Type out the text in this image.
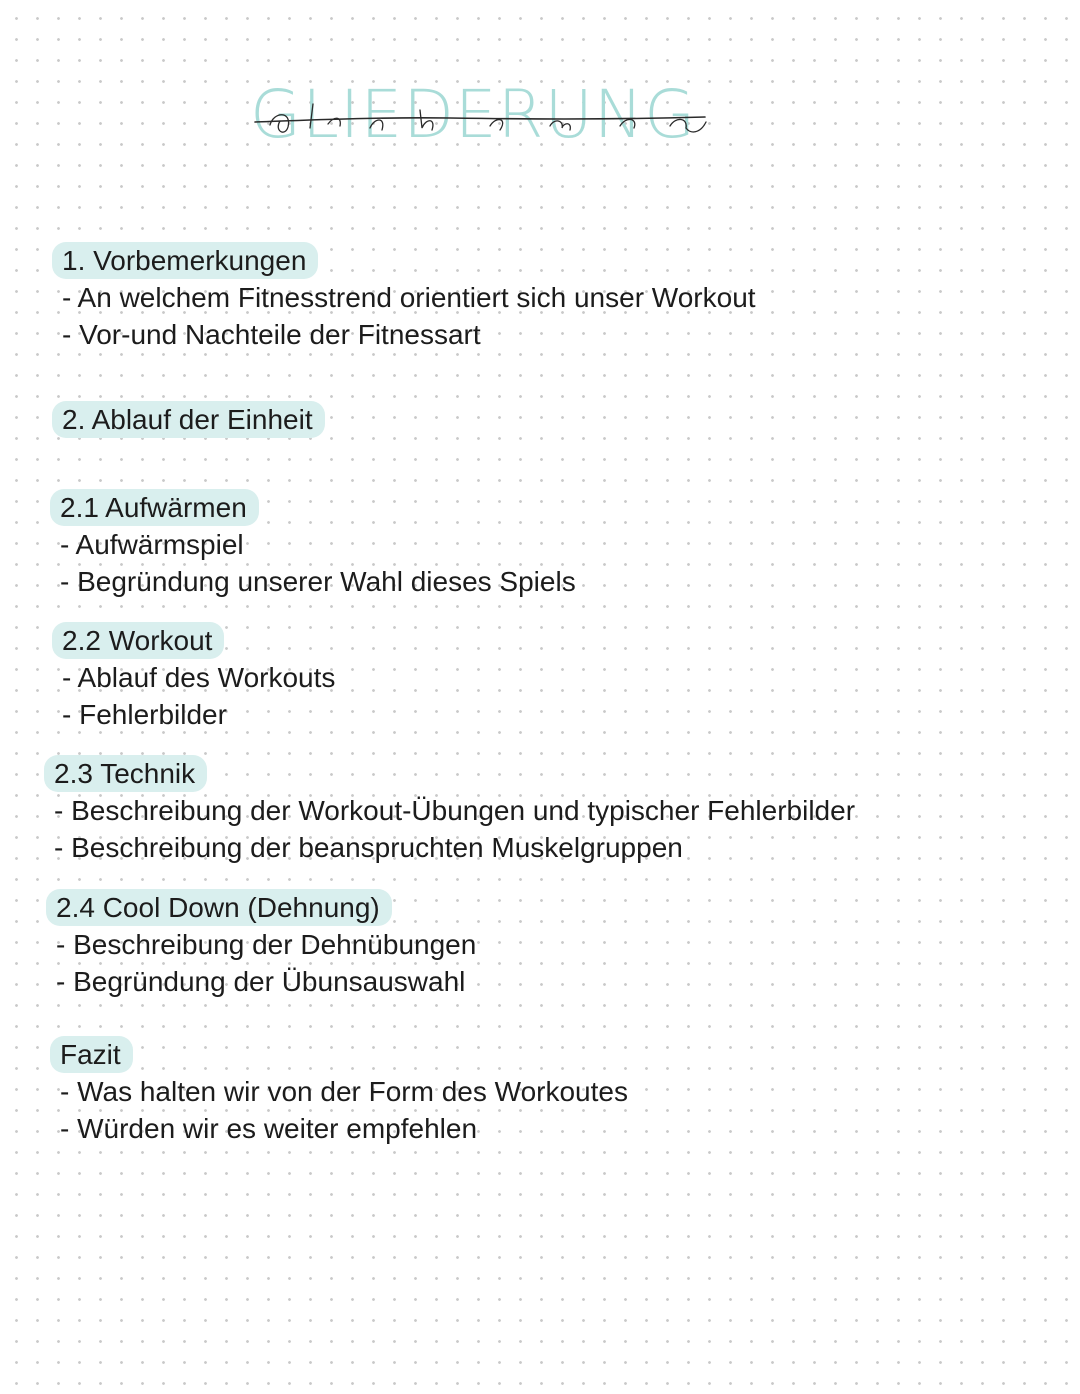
GLIEDERUNG
1. Vorbemerkungen
- An welchem Fitnesstrend orientiert sich unser Workout
- Vor-und Nachteile der Fitnessart
2. Ablauf der Einheit
2.1 Aufwärmen
- Aufwärmspiel
- Begründung unserer Wahl dieses Spiels
2.2 Workout
- Ablauf des Workouts
- Fehlerbilder
2.3 Technik
- Beschreibung der Workout-Übungen und typischer Fehlerbilder
- Beschreibung der beanspruchten Muskelgruppen
2.4 Cool Down (Dehnung)
- Beschreibung der Dehnübungen
- Begründung der Übunsauswahl
Fazit
- Was halten wir von der Form des Workoutes
- Würden wir es weiter empfehlen
